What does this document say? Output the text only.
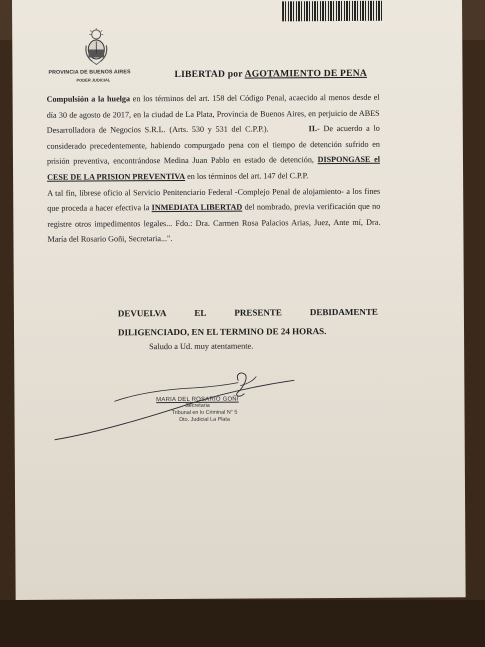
PROVINCIA DE BUENOS AIRES
PODER JUDICIAL	LIBERTAD por AGOTAMIENTO DE PENA

Compulsión a la huelga en los términos del art. 158 del Código Penal, acaecido al menos desde el día 30 de agosto de 2017, en la ciudad de La Plata, Provincia de Buenos Aires, en perjuicio de ABES Desarrolladora de Negocios S.R.L. (Arts. 530 y 531 del C.P.P.).	II.- De acuerdo a lo considerado precedentemente, habiendo compurgado pena con el tiempo de detención sufrido en prisión preventiva, encontrándose Medina Juan Pablo en estado de detención, DISPONGASE el CESE DE LA PRISION PREVENTIVA en los términos del art. 147 del C.P.P.

A tal fin, líbrese oficio al Servicio Penitenciario Federal -Complejo Penal de alojamiento- a los fines que proceda a hacer efectiva la INMEDIATA LIBERTAD del nombrado, previa verificación que no registre otros impedimentos legales... Fdo.: Dra. Carmen Rosa Palacios Arias, Juez, Ante mí, Dra. María del Rosario Goñi, Secretaria...".

DEVUELVA	EL	PRESENTE	DEBIDAMENTE
DILIGENCIADO, EN EL TERMINO DE 24 HORAS.
Saludo a Ud. muy atentamente.
MARIA DEL ROSARIO GOÑI
Secretaria
Tribunal en lo Criminal N° 5
Dto. Judicial La Plata
